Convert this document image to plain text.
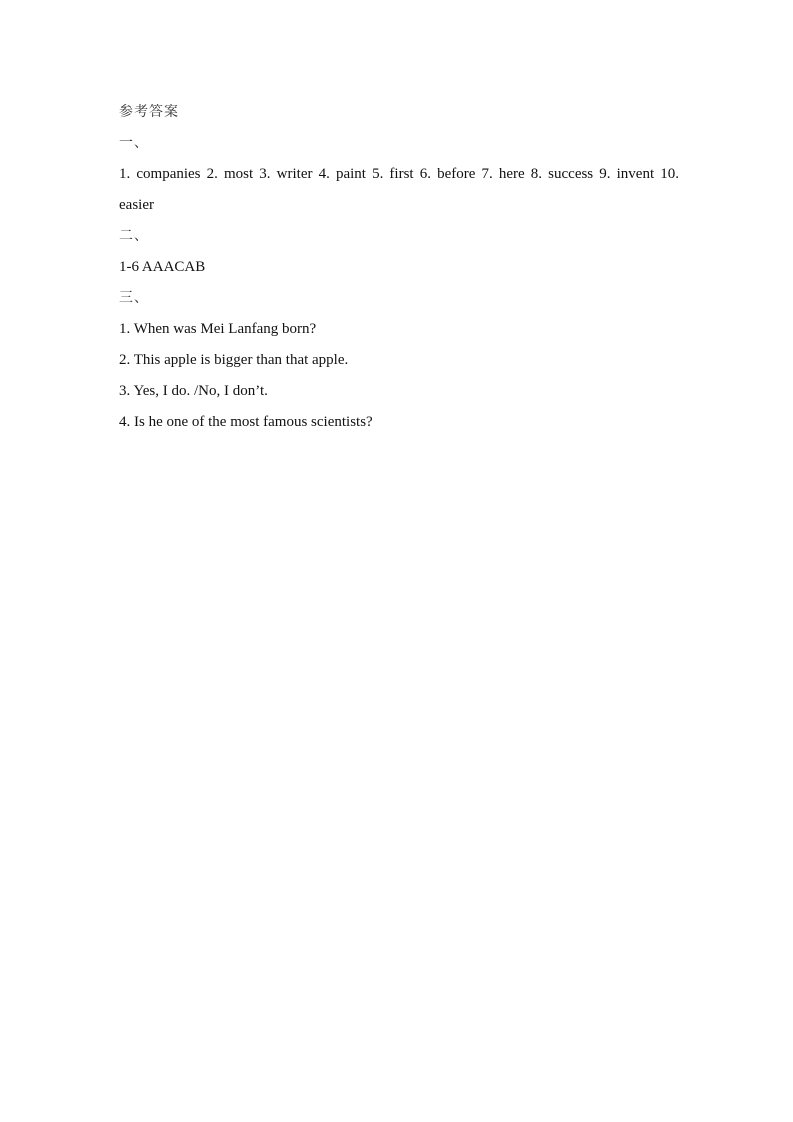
参考答案
一、
1. companies 2. most 3. writer 4. paint 5. first 6. before 7. here 8. success 9. invent 10.
easier
二、
1-6 AAACAB
三、
1. When was Mei Lanfang born?
2. This apple is bigger than that apple.
3. Yes, I do. /No, I don’t.
4. Is he one of the most famous scientists?
